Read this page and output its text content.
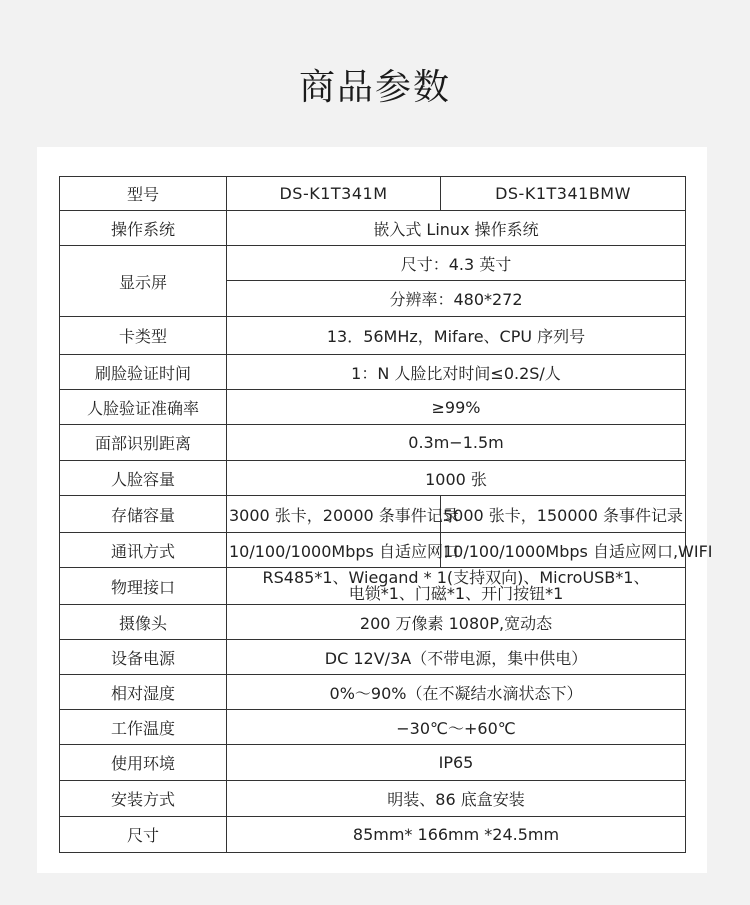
商品参数
型号	DS-K1T341M	DS-K1T341BMW
操作系统	嵌入式 Linux 操作系统	
显示屏	尺寸：4.3 英寸	
	分辨率：480*272	
卡类型	13．56MHz，Mifare、CPU 序列号	
刷脸验证时间	1：N 人脸比对时间≤0.2S/人	
人脸验证准确率	≥99%	
面部识别距离	0.3m−1.5m	
人脸容量	1000 张	
存储容量	3000 张卡，20000 条事件记录	5000 张卡，150000 条事件记录
通讯方式	10/100/1000Mbps 自适应网口	10/100/1000Mbps 自适应网口,WIFI
物理接口	RS485*1、Wiegand * 1(支持双向)、MicroUSB*1、
电锁*1、门磁*1、开门按钮*1	

摄像头	200 万像素 1080P,宽动态	
设备电源	DC 12V/3A（不带电源，集中供电）	
相对湿度	0%～90%（在不凝结水滴状态下）	
工作温度	−30℃～+60℃	
使用环境	IP65	
安装方式	明装、86 底盒安装	
尺寸	85mm* 166mm *24.5mm	
